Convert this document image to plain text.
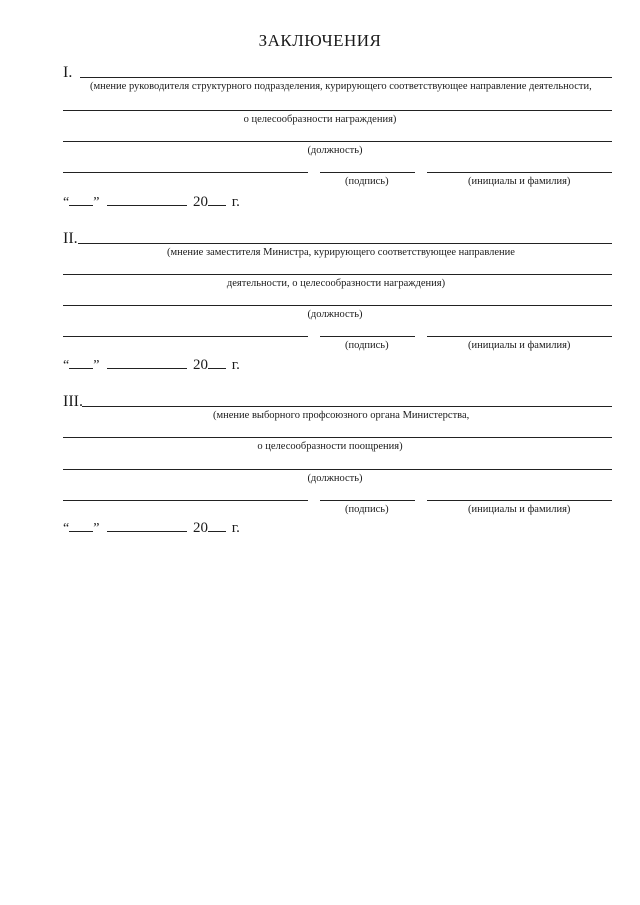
ЗАКЛЮЧЕНИЯ
I.
(мнение руководителя структурного подразделения, курирующего соответствующее направление деятельности,
о целесообразности награждения)
(должность)
(подпись)	(инициалы и фамилия)
“ ”	20 г.
II.
(мнение заместителя Министра, курирующего соответствующее направление
деятельности, о целесообразности награждения)
(должность)
(подпись)	(инициалы и фамилия)
“ ”	20 г.
III.
(мнение выборного профсоюзного органа Министерства,
о целесообразности поощрения)
(должность)
(подпись)	(инициалы и фамилия)
“ ”	20 г.
